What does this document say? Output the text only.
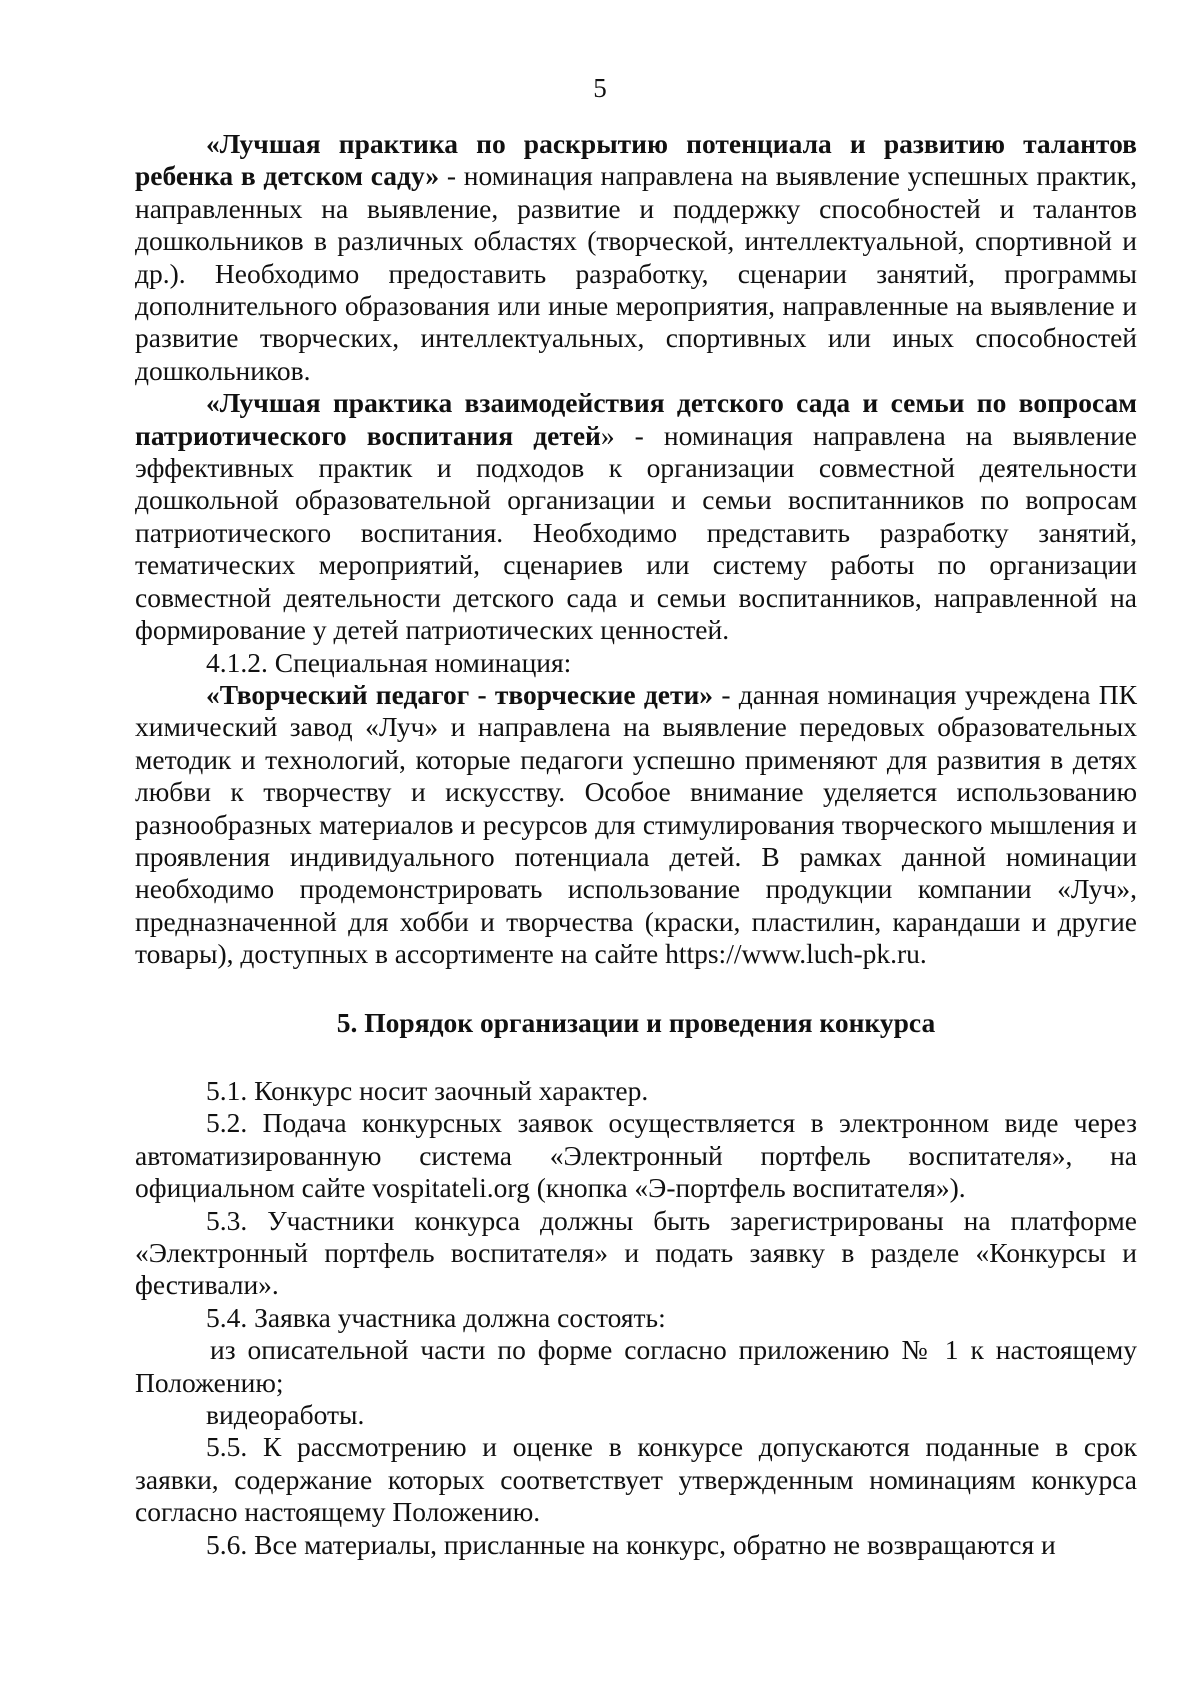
5

«Лучшая практика по раскрытию потенциала и развитию талантов ребенка в детском саду» - номинация направлена на выявление успешных практик, направленных на выявление, развитие и поддержку способностей и талантов дошкольников в различных областях (творческой, интеллектуальной, спортивной и др.). Необходимо предоставить разработку, сценарии занятий, программы дополнительного образования или иные мероприятия, направленные на выявление и развитие творческих, интеллектуальных, спортивных или иных способностей дошкольников.

«Лучшая практика взаимодействия детского сада и семьи по вопросам патриотического воспитания детей» - номинация направлена на выявление эффективных практик и подходов к организации совместной деятельности дошкольной образовательной организации и семьи воспитанников по вопросам патриотического воспитания. Необходимо представить разработку занятий, тематических мероприятий, сценариев или систему работы по организации совместной деятельности детского сада и семьи воспитанников, направленной на формирование у детей патриотических ценностей.

4.1.2. Специальная номинация:

«Творческий педагог - творческие дети» - данная номинация учреждена ПК химический завод «Луч» и направлена на выявление передовых образовательных методик и технологий, которые педагоги успешно применяют для развития в детях любви к творчеству и искусству. Особое внимание уделяется использованию разнообразных материалов и ресурсов для стимулирования творческого мышления и проявления индивидуального потенциала детей. В рамках данной номинации необходимо продемонстрировать использование продукции компании «Луч», предназначенной для хобби и творчества (краски, пластилин, карандаши и другие товары), доступных в ассортименте на сайте https://www.luch-pk.ru.

5. Порядок организации и проведения конкурса

5.1. Конкурс носит заочный характер.

5.2. Подача конкурсных заявок осуществляется в электронном виде через автоматизированную система «Электронный портфель воспитателя», на официальном сайте vospitateli.org (кнопка «Э-портфель воспитателя»).

5.3. Участники конкурса должны быть зарегистрированы на платформе «Электронный портфель воспитателя» и подать заявку в разделе «Конкурсы и фестивали».

5.4. Заявка участника должна состоять:

из описательной части по форме согласно приложению № 1 к настоящему Положению;

видеоработы.

5.5. К рассмотрению и оценке в конкурсе допускаются поданные в срок заявки, содержание которых соответствует утвержденным номинациям конкурса согласно настоящему Положению.

5.6. Все материалы, присланные на конкурс, обратно не возвращаются и
